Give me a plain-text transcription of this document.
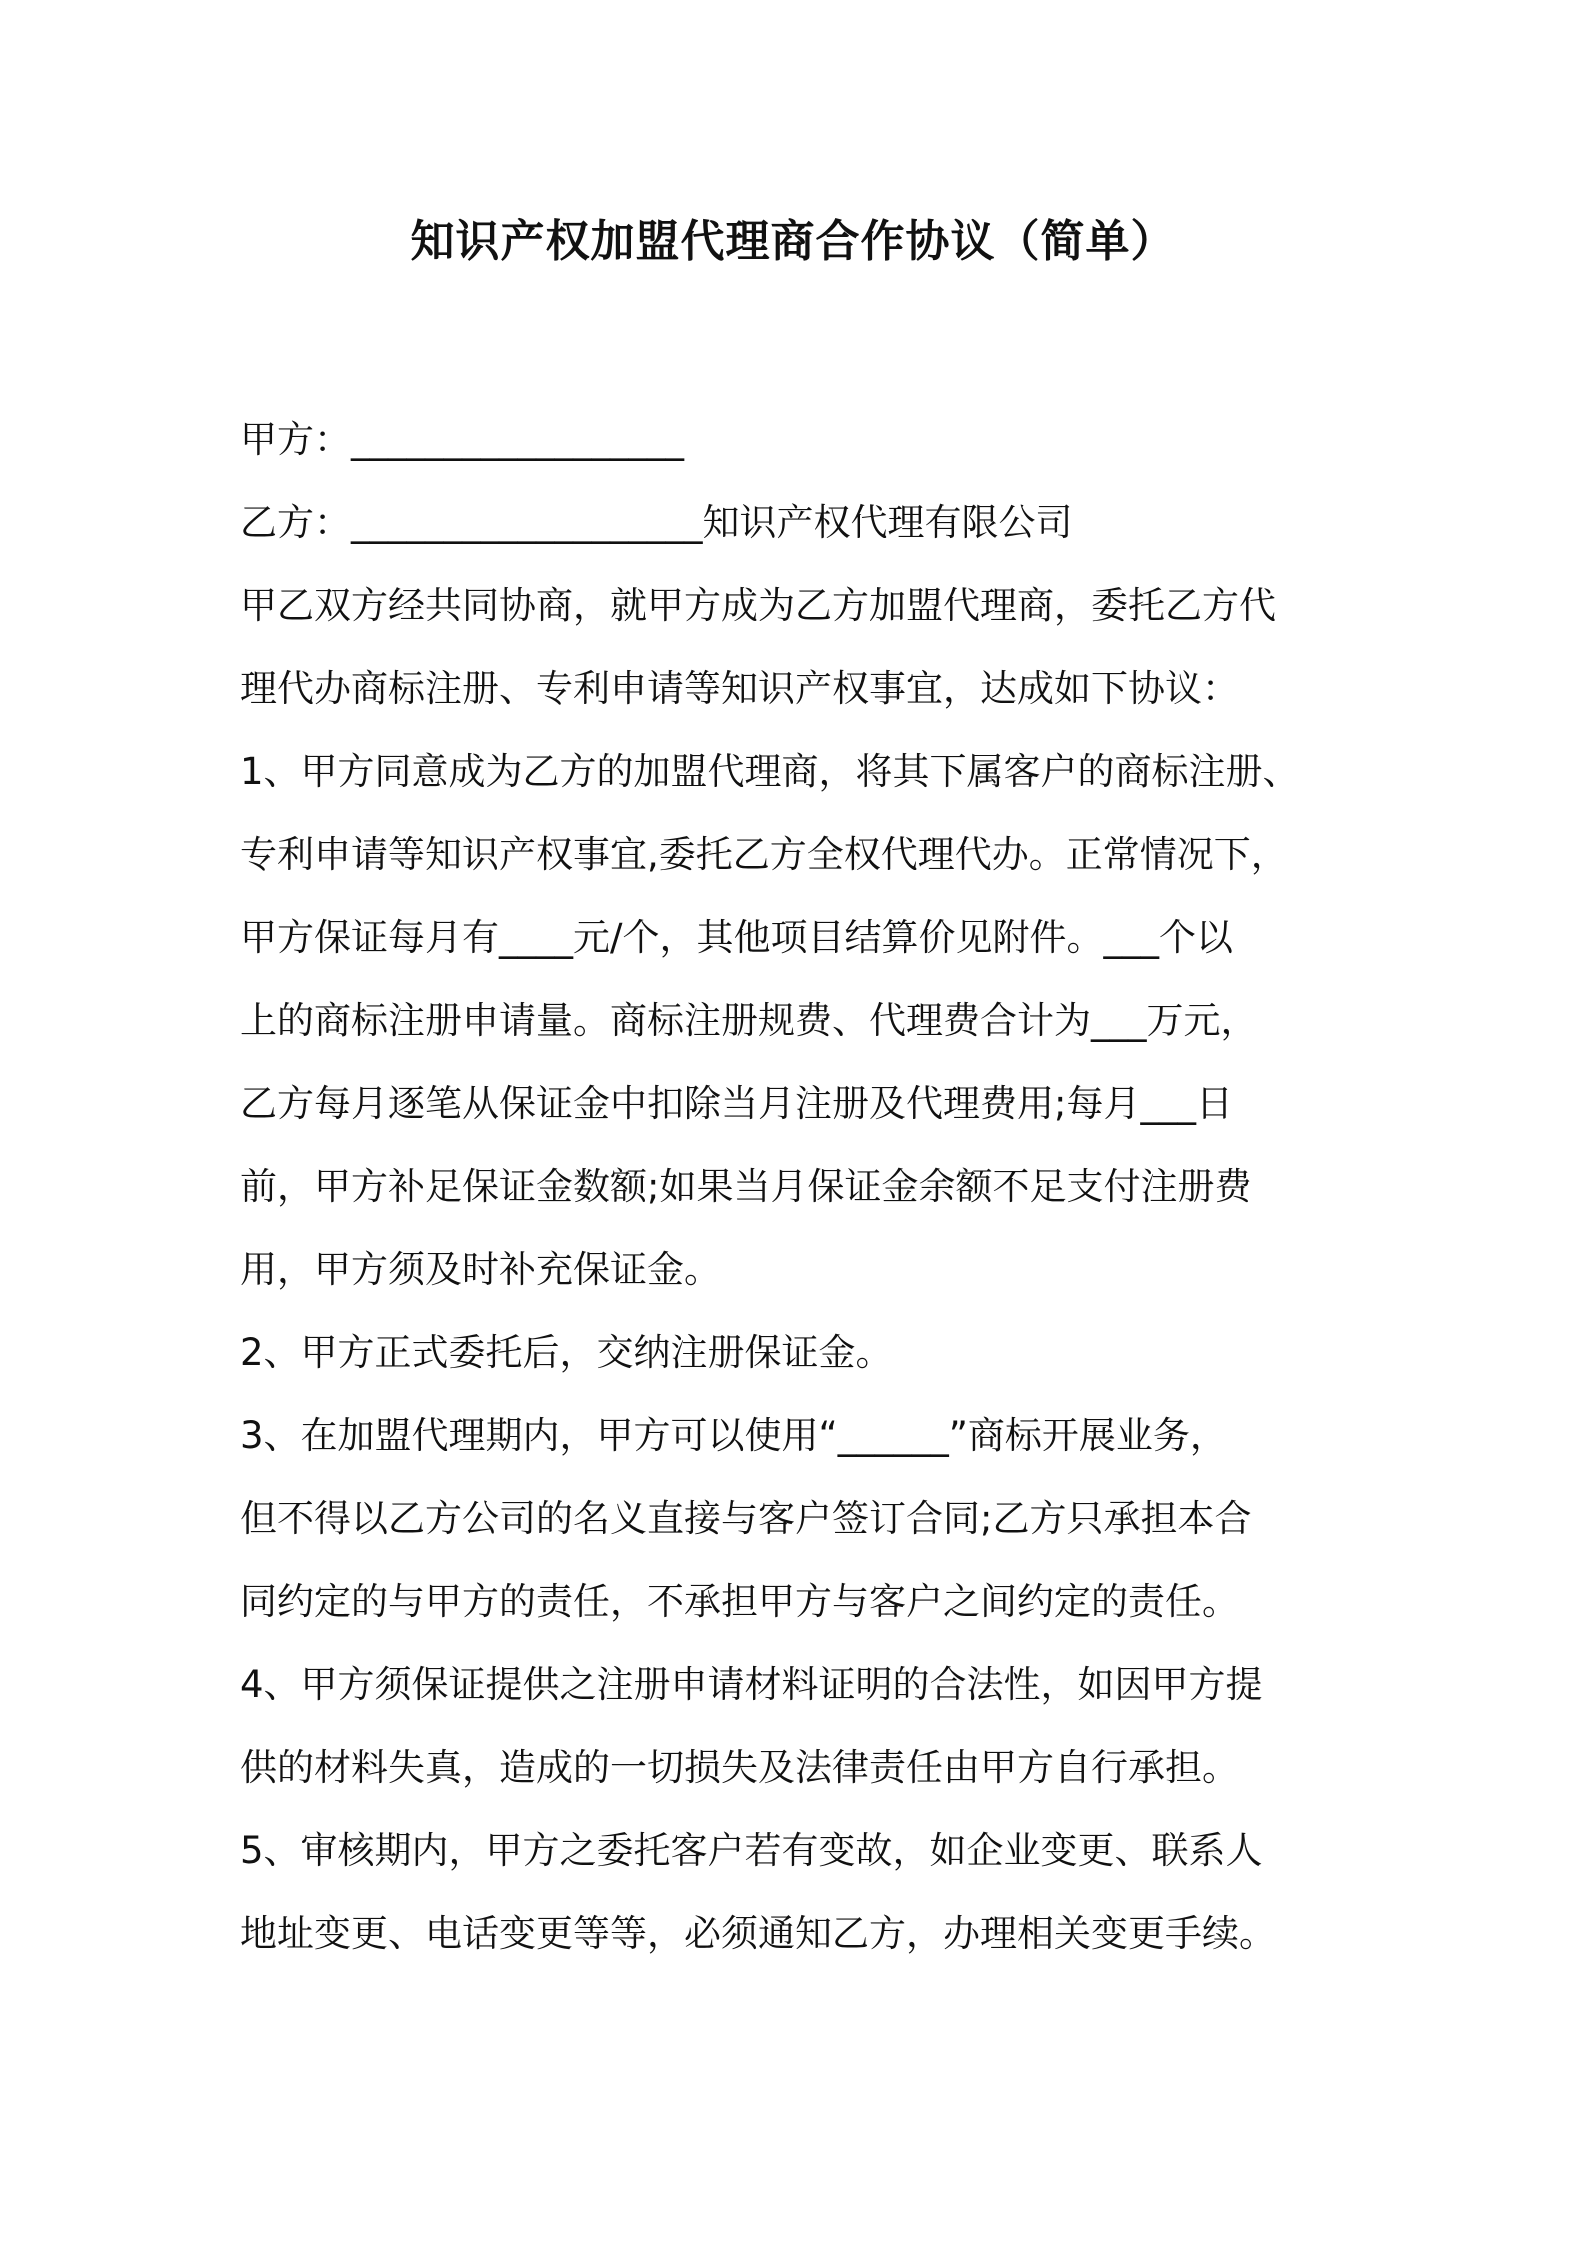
知识产权加盟代理商合作协议（简单）

甲方：__________________

乙方：___________________知识产权代理有限公司

甲乙双方经共同协商，就甲方成为乙方加盟代理商，委托乙方代

理代办商标注册、专利申请等知识产权事宜，达成如下协议：

1、甲方同意成为乙方的加盟代理商，将其下属客户的商标注册、

专利申请等知识产权事宜,委托乙方全权代理代办。正常情况下，

甲方保证每月有____元/个，其他项目结算价见附件。___个以

上的商标注册申请量。商标注册规费、代理费合计为___万元，

乙方每月逐笔从保证金中扣除当月注册及代理费用;每月___日

前，甲方补足保证金数额;如果当月保证金余额不足支付注册费

用，甲方须及时补充保证金。

2、甲方正式委托后，交纳注册保证金。

3、在加盟代理期内，甲方可以使用“______”商标开展业务，

但不得以乙方公司的名义直接与客户签订合同;乙方只承担本合

同约定的与甲方的责任，不承担甲方与客户之间约定的责任。

4、甲方须保证提供之注册申请材料证明的合法性，如因甲方提

供的材料失真，造成的一切损失及法律责任由甲方自行承担。

5、审核期内，甲方之委托客户若有变故，如企业变更、联系人

地址变更、电话变更等等，必须通知乙方，办理相关变更手续。
